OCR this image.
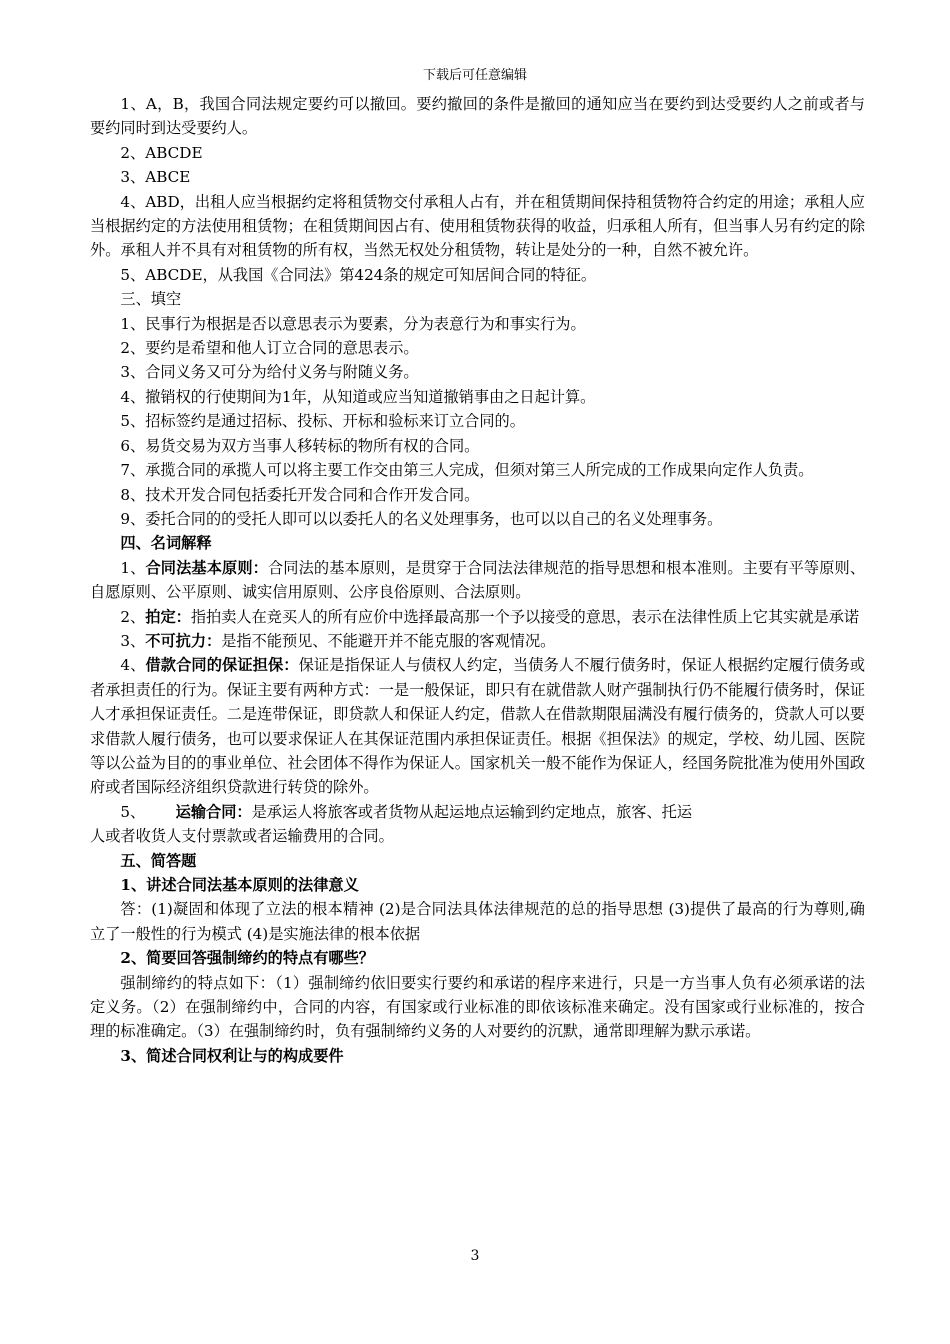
下载后可任意编辑

1、A，B，我国合同法规定要约可以撤回。要约撤回的条件是撤回的通知应当在要约到达受要约人之前或者与要约同时到达受要约人。

2、ABCDE

3、ABCE

4、ABD，出租人应当根据约定将租赁物交付承租人占有，并在租赁期间保持租赁物符合约定的用途；承租人应当根据约定的方法使用租赁物；在租赁期间因占有、使用租赁物获得的收益，归承租人所有，但当事人另有约定的除外。承租人并不具有对租赁物的所有权，当然无权处分租赁物，转让是处分的一种，自然不被允许。

5、ABCDE，从我国《合同法》第424条的规定可知居间合同的特征。

三、填空

1、民事行为根据是否以意思表示为要素，分为表意行为和事实行为。

2、要约是希望和他人订立合同的意思表示。

3、合同义务又可分为给付义务与附随义务。

4、撤销权的行使期间为1年，从知道或应当知道撤销事由之日起计算。

5、招标签约是通过招标、投标、开标和验标来订立合同的。

6、易货交易为双方当事人移转标的物所有权的合同。

7、承揽合同的承揽人可以将主要工作交由第三人完成，但须对第三人所完成的工作成果向定作人负责。

8、技术开发合同包括委托开发合同和合作开发合同。

9、委托合同的的受托人即可以以委托人的名义处理事务，也可以以自己的名义处理事务。

四、名词解释

1、合同法基本原则：合同法的基本原则，是贯穿于合同法法律规范的指导思想和根本准则。主要有平等原则、自愿原则、公平原则、诚实信用原则、公序良俗原则、合法原则。

2、拍定：指拍卖人在竞买人的所有应价中选择最高那一个予以接受的意思，表示在法律性质上它其实就是承诺

3、不可抗力：是指不能预见、不能避开并不能克服的客观情况。

4、借款合同的保证担保：保证是指保证人与债权人约定，当债务人不履行债务时，保证人根据约定履行债务或者承担责任的行为。保证主要有两种方式：一是一般保证，即只有在就借款人财产强制执行仍不能履行债务时，保证人才承担保证责任。二是连带保证，即贷款人和保证人约定，借款人在借款期限届满没有履行债务的，贷款人可以要求借款人履行债务，也可以要求保证人在其保证范围内承担保证责任。根据《担保法》的规定，学校、幼儿园、医院等以公益为目的的事业单位、社会团体不得作为保证人。国家机关一般不能作为保证人，经国务院批准为使用外国政府或者国际经济组织贷款进行转贷的除外。

5、 运输合同：是承运人将旅客或者货物从起运地点运输到约定地点，旅客、托运

人或者收货人支付票款或者运输费用的合同。

五、简答题

1、讲述合同法基本原则的法律意义

答：(1)凝固和体现了立法的根本精神 (2)是合同法具体法律规范的总的指导思想 (3)提供了最高的行为尊则,确立了一般性的行为模式 (4)是实施法律的根本依据

2、简要回答强制缔约的特点有哪些？

强制缔约的特点如下：（1）强制缔约依旧要实行要约和承诺的程序来进行，只是一方当事人负有必须承诺的法定义务。（2）在强制缔约中，合同的内容，有国家或行业标准的即依该标准来确定。没有国家或行业标准的，按合理的标准确定。（3）在强制缔约时，负有强制缔约义务的人对要约的沉默，通常即理解为默示承诺。

3、简述合同权利让与的构成要件

3
